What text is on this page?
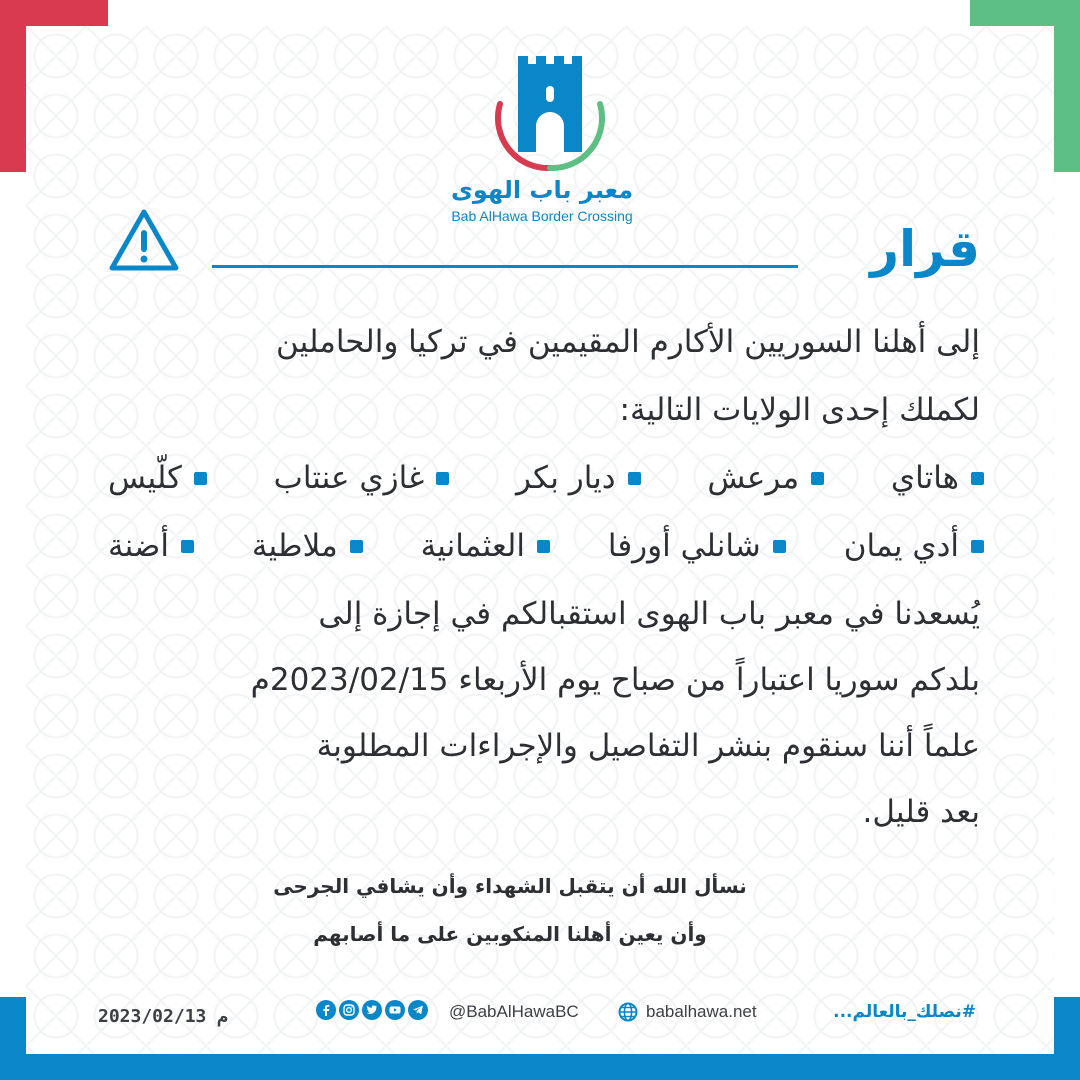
معبر باب الهوى
Bab AlHawa Border Crossing
قرار
إلى أهلنا السوريين الأكارم المقيمين في تركيا والحاملين
لكملك إحدى الولايات التالية:
هاتاي
مرعش
ديار بكر
غازي عنتاب
كلّيس
أدي يمان
شانلي أورفا
العثمانية
ملاطية
أضنة
يُسعدنا في معبر باب الهوى استقبالكم في إجازة إلى
بلدكم سوريا اعتباراً من صباح يوم الأربعاء 2023/02/15م
علماً أننا سنقوم بنشر التفاصيل والإجراءات المطلوبة
بعد قليل.
نسأل الله أن يتقبل الشهداء وأن يشافي الجرحى
وأن يعين أهلنا المنكوبين على ما أصابهم
2023/02/13 م	@BabAlHawaBC	babalhawa.net	#نصلك_بالعالم...
